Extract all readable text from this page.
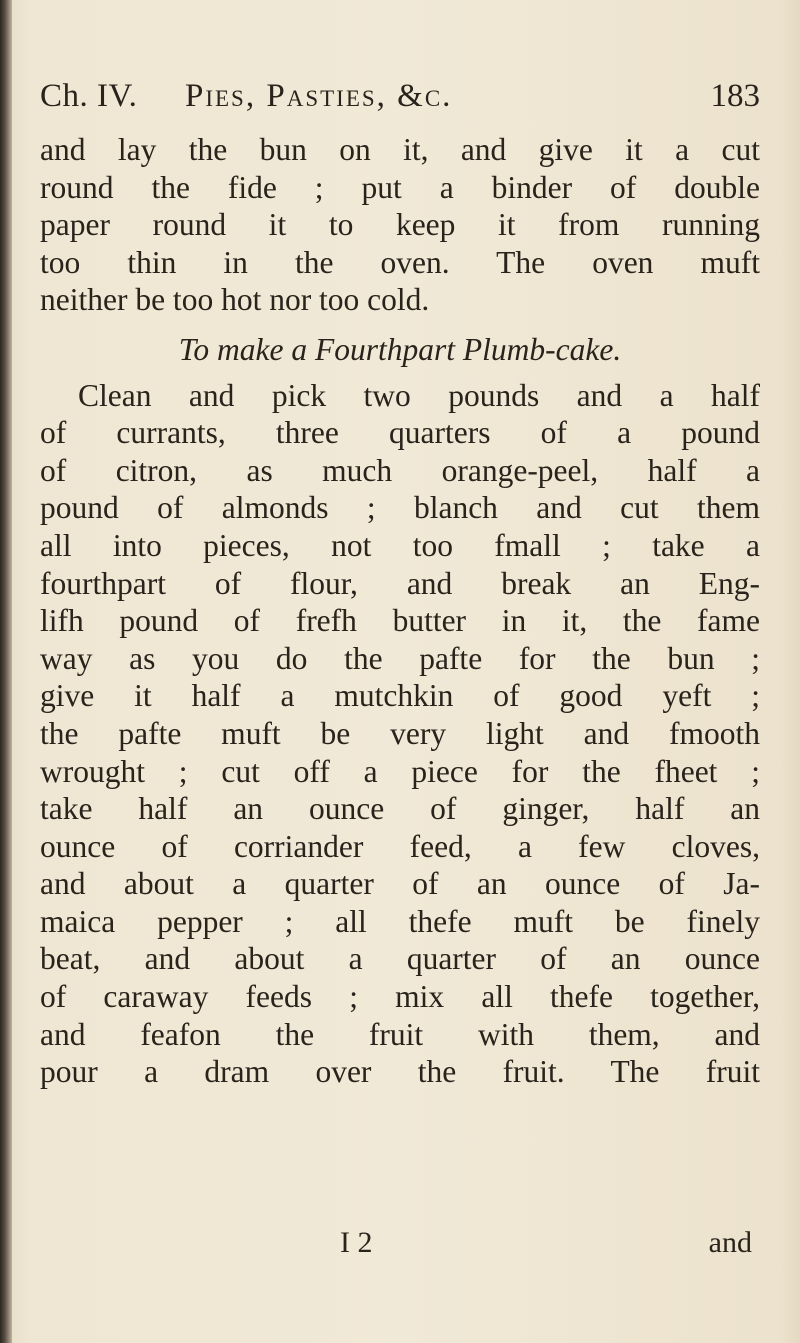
Ch. IV. Pies, Pasties, &c.	183
and lay the bun on it, and give it a cut
round the fide ; put a binder of double
paper round it to keep it from running
too thin in the oven. The oven muft
neither be too hot nor too cold.
To make a Fourthpart Plumb-cake.
Clean and pick two pounds and a half
of currants, three quarters of a pound
of citron, as much orange-peel, half a
pound of almonds ; blanch and cut them
all into pieces, not too fmall ; take a
fourthpart of flour, and break an Eng-
lifh pound of frefh butter in it, the fame
way as you do the pafte for the bun ;
give it half a mutchkin of good yeft ;
the pafte muft be very light and fmooth
wrought ; cut off a piece for the fheet ;
take half an ounce of ginger, half an
ounce of corriander feed, a few cloves,
and about a quarter of an ounce of Ja-
maica pepper ; all thefe muft be finely
beat, and about a quarter of an ounce
of caraway feeds ; mix all thefe together,
and feafon the fruit with them, and
pour a dram over the fruit. The fruit
I 2	and
